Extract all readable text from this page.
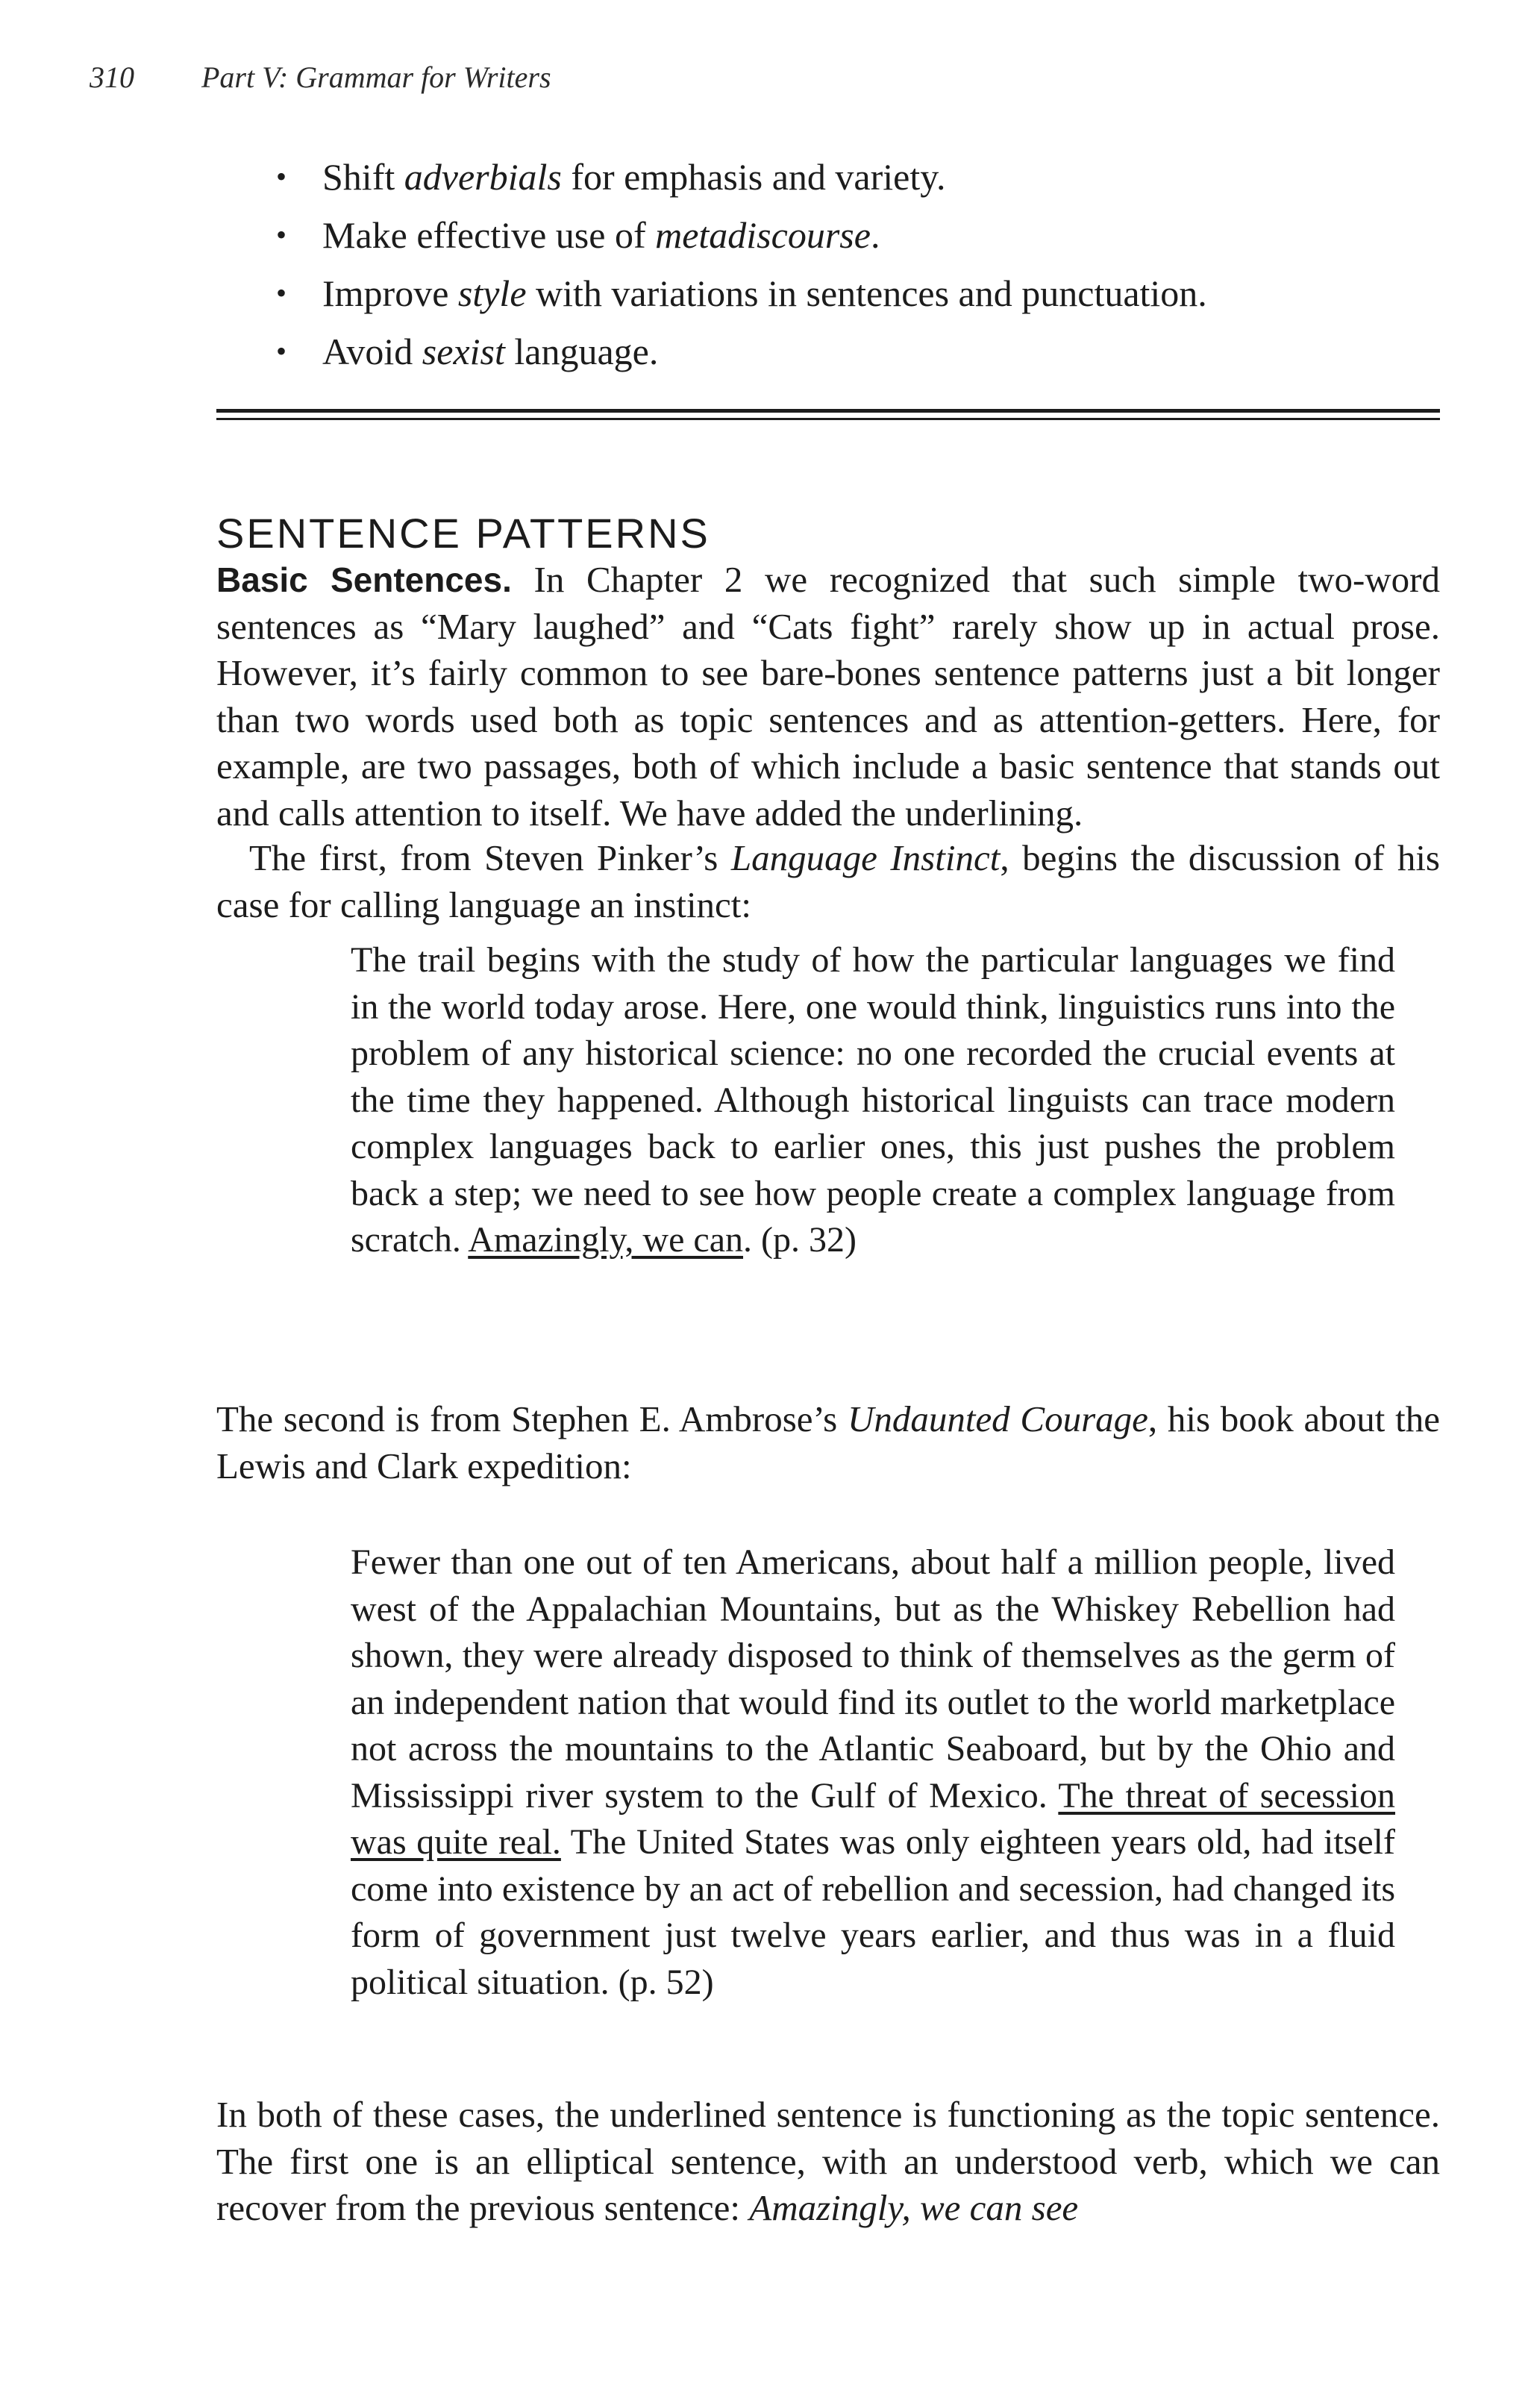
310 Part V: Grammar for Writers
• Shift adverbials for emphasis and variety.
• Make effective use of metadiscourse.
• Improve style with variations in sentences and punctuation.
• Avoid sexist language.
SENTENCE PATTERNS
Basic Sentences. In Chapter 2 we recognized that such simple two-word sentences as “Mary laughed” and “Cats fight” rarely show up in actual prose. However, it’s fairly common to see bare-bones sentence patterns just a bit longer than two words used both as topic sentences and as attention-getters. Here, for example, are two passages, both of which include a basic sentence that stands out and calls attention to itself. We have added the underlining.
The first, from Steven Pinker’s Language Instinct, begins the discussion of his case for calling language an instinct:
The trail begins with the study of how the particular languages we find in the world today arose. Here, one would think, linguistics runs into the problem of any historical science: no one recorded the crucial events at the time they happened. Although historical linguists can trace modern complex languages back to earlier ones, this just pushes the problem back a step; we need to see how people create a complex language from scratch. Amazingly, we can. (p. 32)
The second is from Stephen E. Ambrose’s Undaunted Courage, his book about the Lewis and Clark expedition:
Fewer than one out of ten Americans, about half a million people, lived west of the Appalachian Mountains, but as the Whiskey Rebellion had shown, they were already disposed to think of themselves as the germ of an independent nation that would find its outlet to the world marketplace not across the mountains to the Atlantic Seaboard, but by the Ohio and Mississippi river system to the Gulf of Mexico. The threat of secession was quite real. The United States was only eighteen years old, had itself come into existence by an act of rebellion and secession, had changed its form of government just twelve years earlier, and thus was in a fluid political situation. (p. 52)
In both of these cases, the underlined sentence is functioning as the topic sentence. The first one is an elliptical sentence, with an understood verb, which we can recover from the previous sentence: Amazingly, we can see
